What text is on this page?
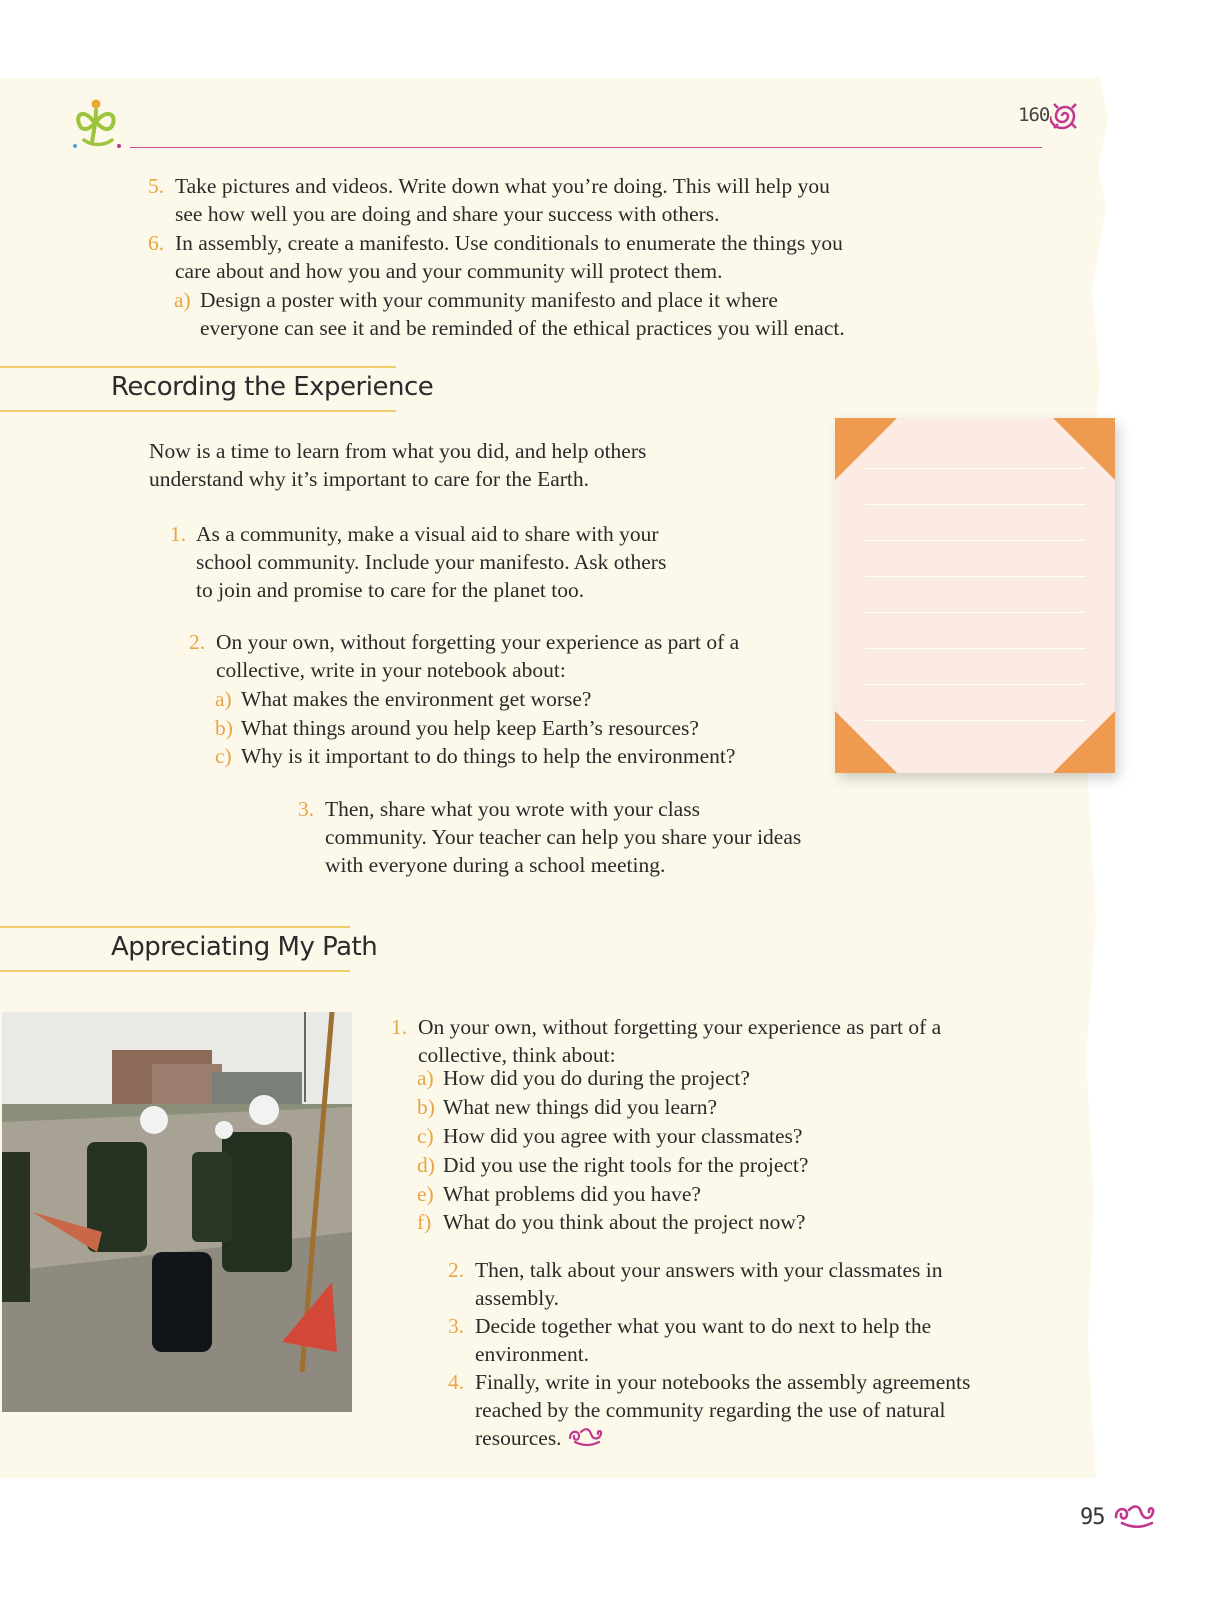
160
5. Take pictures and videos. Write down what you’re doing. This will help you
see how well you are doing and share your success with others.
6. In assembly, create a manifesto. Use conditionals to enumerate the things you
care about and how you and your community will protect them.
a) Design a poster with your community manifesto and place it where
everyone can see it and be reminded of the ethical practices you will enact.
Recording the Experience
Now is a time to learn from what you did, and help others
understand why it’s important to care for the Earth.
1. As a community, make a visual aid to share with your
school community. Include your manifesto. Ask others
to join and promise to care for the planet too.
2. On your own, without forgetting your experience as part of a
collective, write in your notebook about:
a) What makes the environment get worse?
b) What things around you help keep Earth’s resources?
c) Why is it important to do things to help the environment?
3. Then, share what you wrote with your class
community. Your teacher can help you share your ideas
with everyone during a school meeting.
Appreciating My Path
1. On your own, without forgetting your experience as part of a
collective, think about:
a) How did you do during the project?
b) What new things did you learn?
c) How did you agree with your classmates?
d) Did you use the right tools for the project?
e) What problems did you have?
f) What do you think about the project now?
2. Then, talk about your answers with your classmates in
assembly.
3. Decide together what you want to do next to help the
environment.
4. Finally, write in your notebooks the assembly agreements
reached by the community regarding the use of natural
resources.
95
